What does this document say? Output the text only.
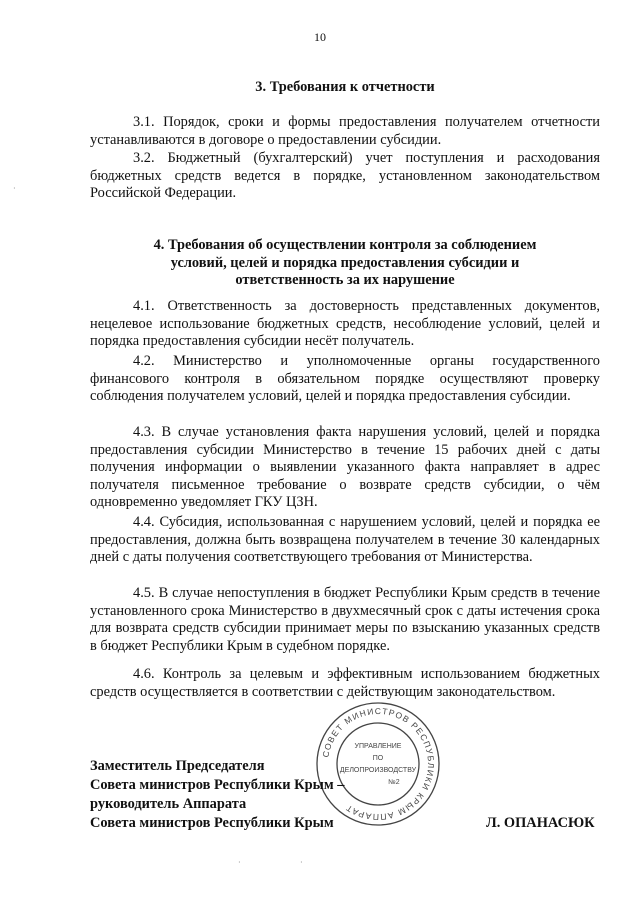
10
3. Требования к отчетности

3.1. Порядок, сроки и формы предоставления получателем отчетности устанавливаются в договоре о предоставлении субсидии.

3.2. Бюджетный (бухгалтерский) учет поступления и расходования бюджетных средств ведется в порядке, установленном законодательством Российской Федерации.

4. Требования об осуществлении контроля за соблюдением условий, целей и порядка предоставления субсидии и ответственность за их нарушение

4.1. Ответственность за достоверность представленных документов, нецелевое использование бюджетных средств, несоблюдение условий, целей и порядка предоставления субсидии несёт получатель.

4.2. Министерство и уполномоченные органы государственного финансового контроля в обязательном порядке осуществляют проверку соблюдения получателем условий, целей и порядка предоставления субсидии.

4.3. В случае установления факта нарушения условий, целей и порядка предоставления субсидии Министерство в течение 15 рабочих дней с даты получения информации о выявлении указанного факта направляет в адрес получателя письменное требование о возврате средств субсидии, о чём одновременно уведомляет ГКУ ЦЗН.

4.4. Субсидия, использованная с нарушением условий, целей и порядка ее предоставления, должна быть возвращена получателем в течение 30 календарных дней с даты получения соответствующего требования от Министерства.

4.5. В случае непоступления в бюджет Республики Крым средств в течение установленного срока Министерство в двухмесячный срок с даты истечения срока для возврата средств субсидии принимает меры по взысканию указанных средств в бюджет Республики Крым в судебном порядке.

4.6. Контроль за целевым и эффективным использованием бюджетных средств осуществляется в соответствии с действующим законодательством.

СОВЕТ МИНИСТРОВ РЕСПУБЛИКИ КРЫМ АППАРАТ
УПРАВЛЕНИЕ
ПО
ДЕЛОПРОИЗВОДСТВУ
№2
Заместитель Председателя
Совета министров Республики Крым –
руководитель Аппарата
Совета министров Республики Крым	Л. ОПАНАСЮК
·
·	·
